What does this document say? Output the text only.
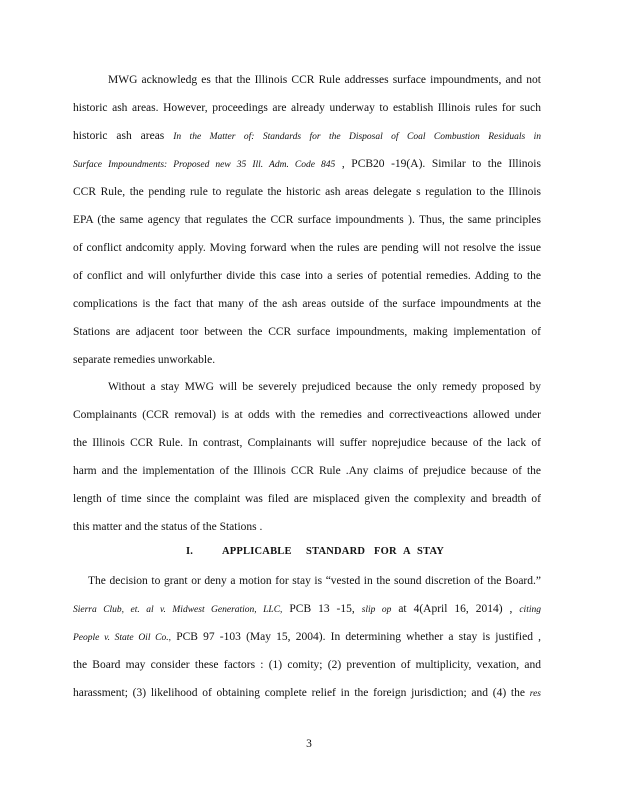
MWG acknowledg es that the Illinois CCR Rule addresses surface impoundments, and not
historic ash areas. However, proceedings are already underway to establish Illinois rules for such
historic ash areas In the Matter of: Standards for the Disposal of Coal Combustion Residuals in
Surface Impoundments: Proposed new 35 Ill. Adm. Code 845 , PCB20 -19(A). Similar to the Illinois
CCR Rule, the pending rule to regulate the historic ash areas delegate s regulation to the Illinois
EPA (the same agency that regulates the CCR surface impoundments ). Thus, the same principles
of conflict andcomity apply. Moving forward when the rules are pending will not resolve the issue
of conflict and will onlyfurther divide this case into a series of potential remedies. Adding to the
complications is the fact that many of the ash areas outside of the surface impoundments at the
Stations are adjacent toor between the CCR surface impoundments, making implementation of
separate remedies unworkable.
Without a stay MWG will be severely prejudiced because the only remedy proposed by
Complainants (CCR removal) is at odds with the remedies and correctiveactions allowed under
the Illinois CCR Rule. In contrast, Complainants will suffer noprejudice because of the lack of
harm and the implementation of the Illinois CCR Rule .Any claims of prejudice because of the
length of time since the complaint was filed are misplaced given the complexity and breadth of
this matter and the status of the Stations .
I.	APPLICABLE STANDARD FOR A STAY
The decision to grant or deny a motion for stay is “vested in the sound discretion of the Board.”
Sierra Club, et. al v. Midwest Generation, LLC, PCB 13 -15, slip op at 4(April 16, 2014) , citing
People v. State Oil Co., PCB 97 -103 (May 15, 2004). In determining whether a stay is justified ,
the Board may consider these factors : (1) comity; (2) prevention of multiplicity, vexation, and
harassment; (3) likelihood of obtaining complete relief in the foreign jurisdiction; and (4) the res
3
